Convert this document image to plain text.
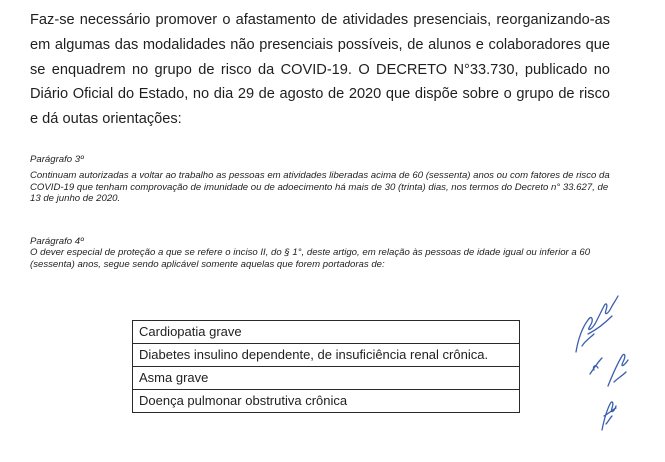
Faz-se necessário promover o afastamento de atividades presenciais, reorganizando-as em algumas das modalidades não presenciais possíveis, de alunos e colaboradores que se enquadrem no grupo de risco da COVID-19. O DECRETO N°33.730, publicado no Diário Oficial do Estado, no dia 29 de agosto de 2020 que dispõe sobre o grupo de risco e dá outas orientações:

Parágrafo 3º

Continuam autorizadas a voltar ao trabalho as pessoas em atividades liberadas acima de 60 (sessenta) anos ou com fatores de risco da COVID-19 que tenham comprovação de imunidade ou de adoecimento há mais de 30 (trinta) dias, nos termos do Decreto n° 33.627, de 13 de junho de 2020.

Parágrafo 4º

O dever especial de proteção a que se refere o inciso II, do § 1°, deste artigo, em relação às pessoas de idade igual ou inferior a 60 (sessenta) anos, segue sendo aplicável somente aquelas que forem portadoras de:

Cardiopatia grave
Diabetes insulino dependente, de insuficiência renal crônica.
Asma grave
Doença pulmonar obstrutiva crônica
